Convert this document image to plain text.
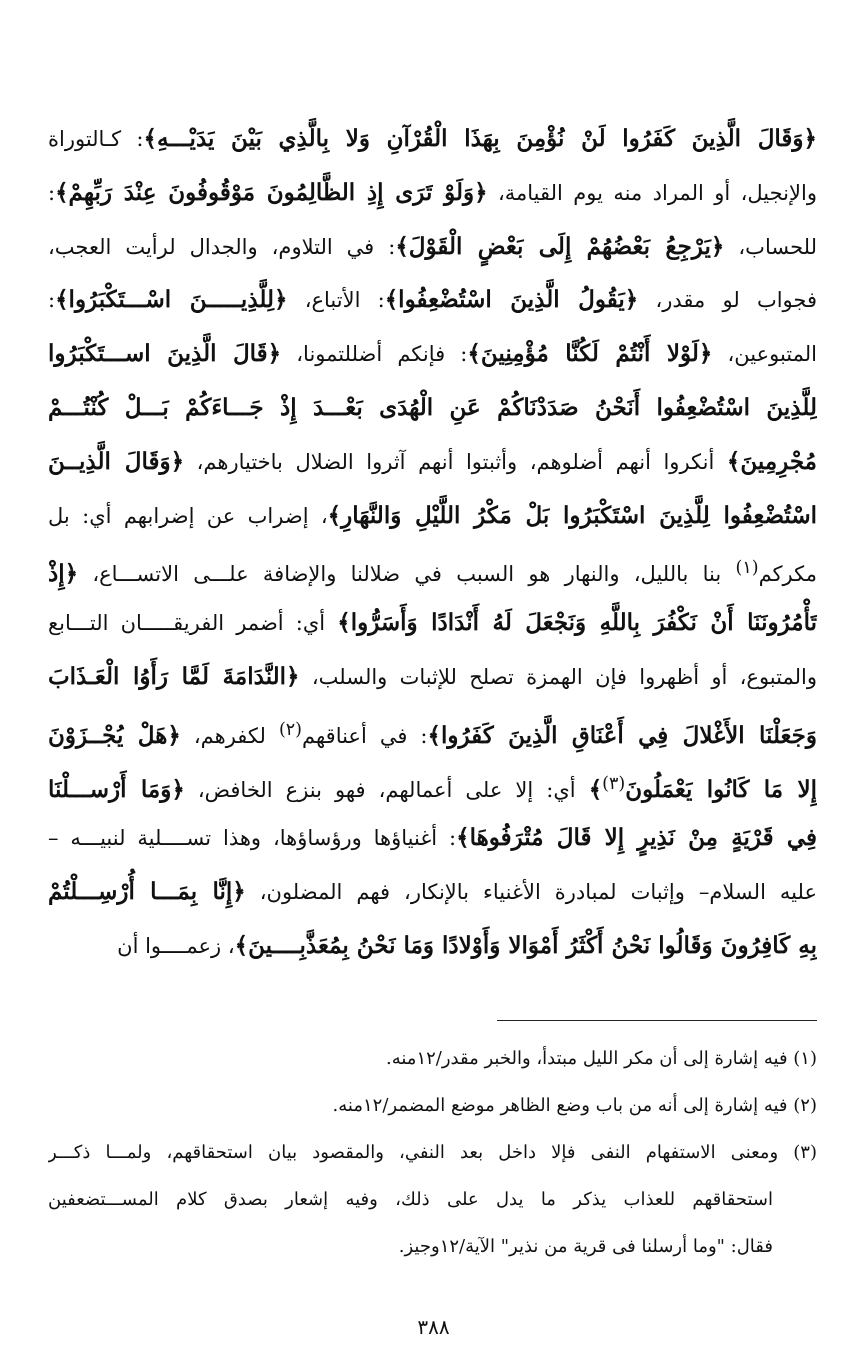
﴿وَقَالَ الَّذِينَ كَفَرُوا لَنْ نُؤْمِنَ بِهَذَا الْقُرْآنِ وَلا بِالَّذِي بَيْنَ يَدَيْـــهِ﴾: كـالتوراة
والإنجيل، أو المراد منه يوم القيامة، ﴿وَلَوْ تَرَى إِذِ الظَّالِمُونَ مَوْقُوفُونَ عِنْدَ رَبِّهِمْ﴾:
للحساب، ﴿يَرْجِعُ بَعْضُهُمْ إِلَى بَعْضٍ الْقَوْلَ﴾: في التلاوم، والجدال لرأيت العجب،
فجواب لو مقدر، ﴿يَقُولُ الَّذِينَ اسْتُضْعِفُوا﴾: الأتباع، ﴿لِلَّذِيـــــنَ اسْـــتَكْبَرُوا﴾:
المتبوعين، ﴿لَوْلا أَنْتُمْ لَكُنَّا مُؤْمِنِينَ﴾: فإنكم أضللتمونا، ﴿قَالَ الَّذِينَ اســـتَكْبَرُوا
لِلَّذِينَ اسْتُضْعِفُوا أَنَحْنُ صَدَدْنَاكُمْ عَنِ الْهُدَى بَعْـــدَ إِذْ جَـــاءَكُمْ بَـــلْ كُنْتُـــمْ
مُجْرِمِينَ﴾ أنكروا أنهم أضلوهم، وأثبتوا أنهم آثروا الضلال باختيارهم، ﴿وَقَالَ الَّذِيــنَ
اسْتُضْعِفُوا لِلَّذِينَ اسْتَكْبَرُوا بَلْ مَكْرُ اللَّيْلِ وَالنَّهَارِ﴾، إضراب عن إضرابهم أي: بل
مكركم$^{(١)}$ بنا بالليل، والنهار هو السبب في ضلالنا والإضافة علـــى الاتســـاع، ﴿إِذْ
تَأْمُرُونَنَا أَنْ نَكْفُرَ بِاللَّهِ وَنَجْعَلَ لَهُ أَنْدَادًا وَأَسَرُّوا﴾ أي: أضمر الفريقـــــان التـــابع
والمتبوع، أو أظهروا فإن الهمزة تصلح للإثبات والسلب، ﴿النَّدَامَةَ لَمَّا رَأَوُا الْعَـذَابَ
وَجَعَلْنَا الأَغْلالَ فِي أَعْنَاقِ الَّذِينَ كَفَرُوا﴾: في أعناقهم$^{(٢)}$ لكفرهم، ﴿هَلْ يُجْــزَوْنَ
إِلا مَا كَانُوا يَعْمَلُونَ$^{(٣)}$﴾ أي: إلا على أعمالهم، فهو بنزع الخافض، ﴿وَمَا أَرْســـلْنَا
فِي قَرْيَةٍ مِنْ نَذِيرٍ إِلا قَالَ مُتْرَفُوهَا﴾: أغنياؤها ورؤساؤها، وهذا تســــلية لنبيـــه –
عليه السلام– وإثبات لمبادرة الأغنياء بالإنكار، فهم المضلون، ﴿إِنَّا بِمَـــا أُرْسِـــلْتُمْ
بِهِ كَافِرُونَ وَقَالُوا نَحْنُ أَكْثَرُ أَمْوَالا وَأَوْلادًا وَمَا نَحْنُ بِمُعَذَّبِــــينَ﴾، زعمــــوا أن
(١) فيه إشارة إلى أن مكر الليل مبتدأ، والخبر مقدر/١٢منه.
(٢) فيه إشارة إلى أنه من باب وضع الظاهر موضع المضمر/١٢منه.
(٣) ومعنى الاستفهام النفى فإلا داخل بعد النفي، والمقصود بيان استحقاقهم، ولمـــا ذكـــر
استحقاقهم للعذاب يذكر ما يدل على ذلك، وفيه إشعار بصدق كلام المســـتضعفين
فقال: "وما أرسلنا فى قرية من نذير" الآية/١٢وجيز.
٣٨٨
